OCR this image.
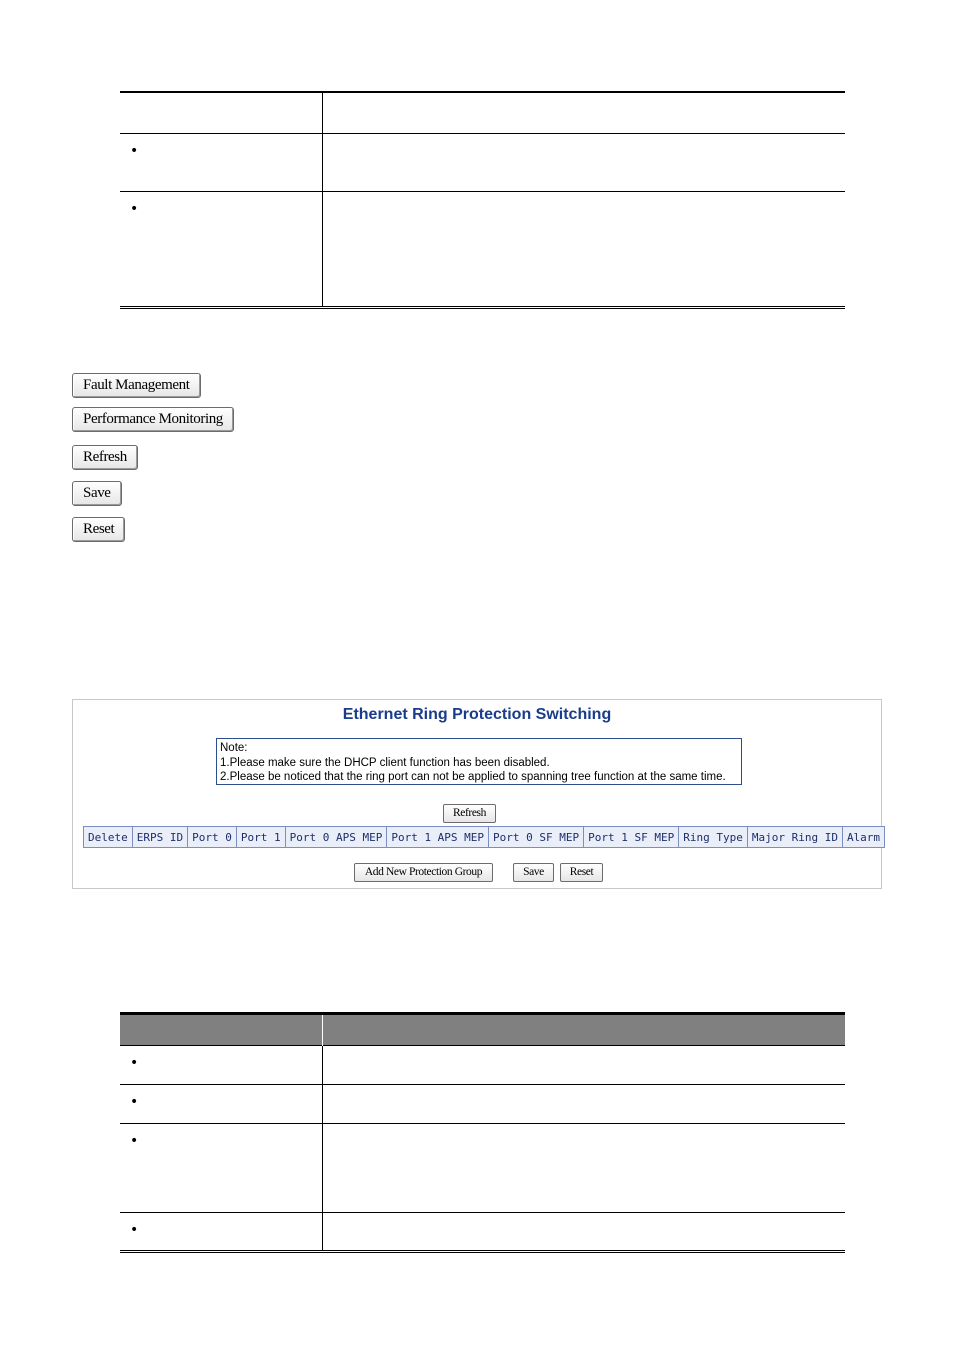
•	
•	
Fault Management
Performance Monitoring
Refresh
Save
Reset
Ethernet Ring Protection Switching
Note:
1.Please make sure the DHCP client function has been disabled.
2.Please be noticed that the ring port can not be applied to spanning tree function at the same time.
Refresh
Delete	ERPS ID	Port 0	Port 1	Port 0 APS MEP	Port 1 APS MEP	Port 0 SF MEP	Port 1 SF MEP	Ring Type	Major Ring ID	Alarm
Add New Protection Group	Save	Reset

•	
•	
•	
•	
